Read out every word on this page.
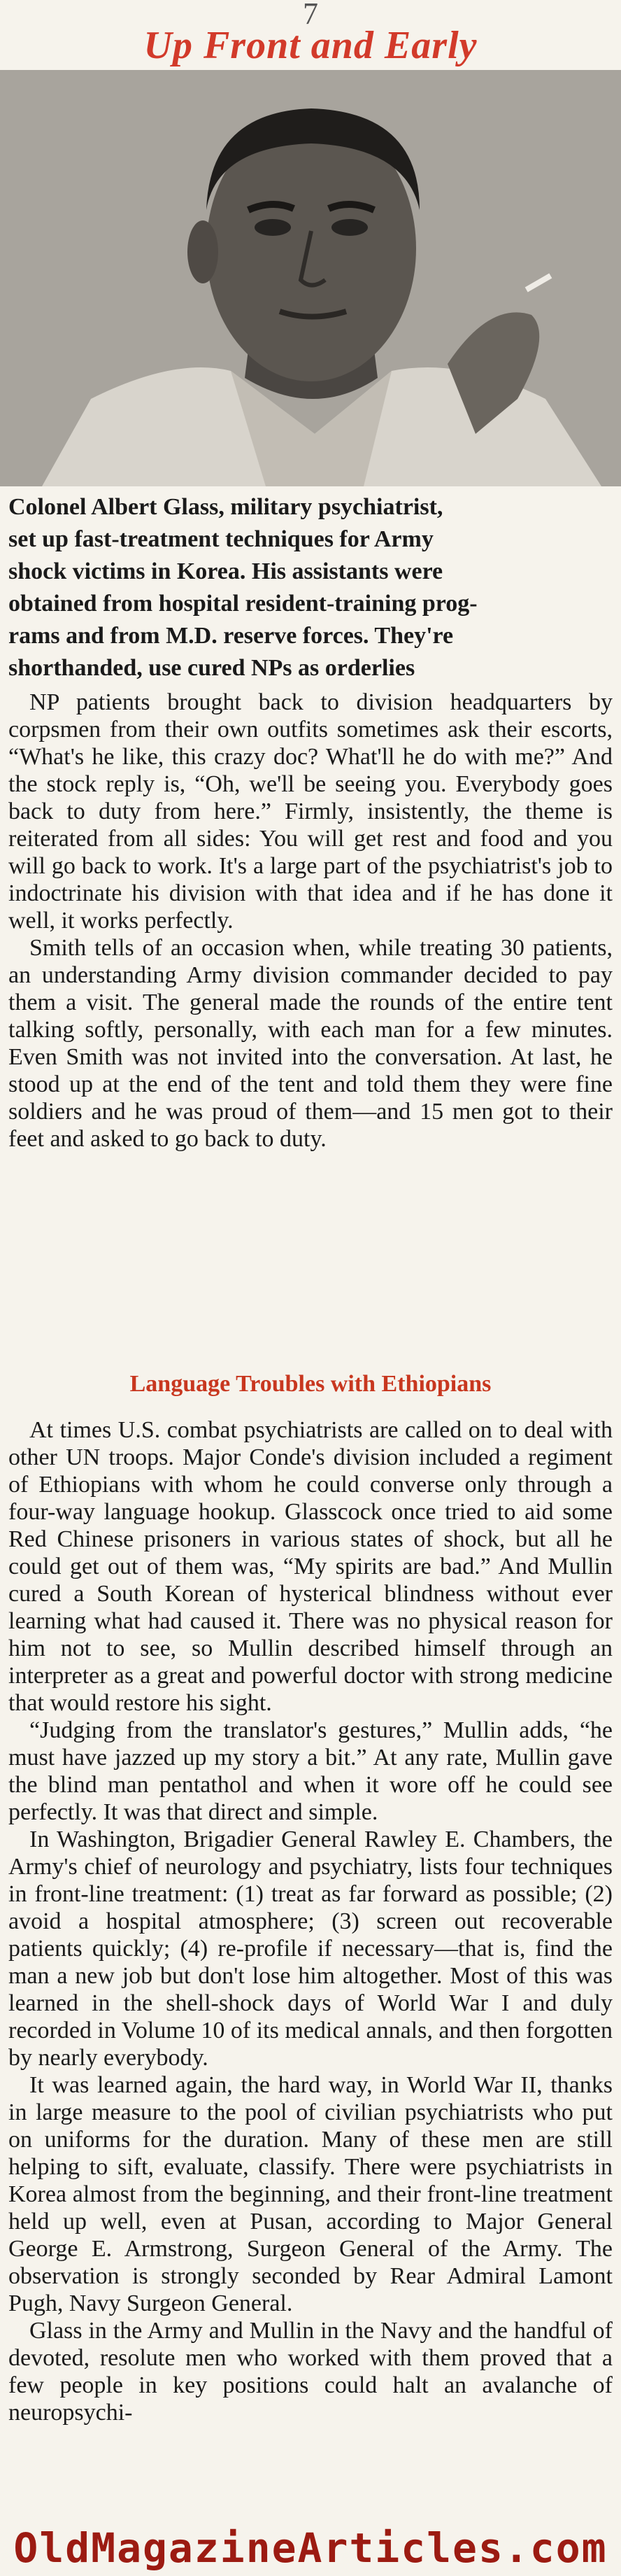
7
Up Front and Early
Colonel Albert Glass, military psychiatrist,
set up fast-treatment techniques for Army
shock victims in Korea. His assistants were
obtained from hospital resident-training prog-
rams and from M.D. reserve forces. They're
shorthanded, use cured NPs as orderlies

NP patients brought back to division headquarters by corpsmen from their own outfits sometimes ask their escorts, “What's he like, this crazy doc? What'll he do with me?” And the stock reply is, “Oh, we'll be seeing you. Everybody goes back to duty from here.” Firmly, insistently, the theme is reiterated from all sides: You will get rest and food and you will go back to work. It's a large part of the psychiatrist's job to indoctrinate his division with that idea and if he has done it well, it works perfectly.

Smith tells of an occasion when, while treating 30 patients, an understanding Army division commander decided to pay them a visit. The general made the rounds of the entire tent talking softly, personally, with each man for a few minutes. Even Smith was not invited into the conversation. At last, he stood up at the end of the tent and told them they were fine soldiers and he was proud of them—and 15 men got to their feet and asked to go back to duty.

Language Troubles with Ethiopians

At times U.S. combat psychiatrists are called on to deal with other UN troops. Major Conde's division included a regiment of Ethiopians with whom he could converse only through a four-way language hookup. Glasscock once tried to aid some Red Chinese prisoners in various states of shock, but all he could get out of them was, “My spirits are bad.” And Mullin cured a South Korean of hysterical blindness without ever learning what had caused it. There was no physical reason for him not to see, so Mullin described himself through an interpreter as a great and powerful doctor with strong medicine that would restore his sight.

“Judging from the translator's gestures,” Mullin adds, “he must have jazzed up my story a bit.” At any rate, Mullin gave the blind man pentathol and when it wore off he could see perfectly. It was that direct and simple.

In Washington, Brigadier General Rawley E. Chambers, the Army's chief of neurology and psychiatry, lists four techniques in front-line treatment: (1) treat as far forward as possible; (2) avoid a hospital atmosphere; (3) screen out recoverable patients quickly; (4) re-profile if necessary—that is, find the man a new job but don't lose him altogether. Most of this was learned in the shell-shock days of World War I and duly recorded in Volume 10 of its medical annals, and then forgotten by nearly everybody.

It was learned again, the hard way, in World War II, thanks in large measure to the pool of civilian psychiatrists who put on uniforms for the duration. Many of these men are still helping to sift, evaluate, classify. There were psychiatrists in Korea almost from the beginning, and their front-line treatment held up well, even at Pusan, according to Major General George E. Armstrong, Surgeon General of the Army. The observation is strongly seconded by Rear Admiral Lamont Pugh, Navy Surgeon General.

Glass in the Army and Mullin in the Navy and the handful of devoted, resolute men who worked with them proved that a few people in key positions could halt an avalanche of neuropsychi-

OldMagazineArticles.com
